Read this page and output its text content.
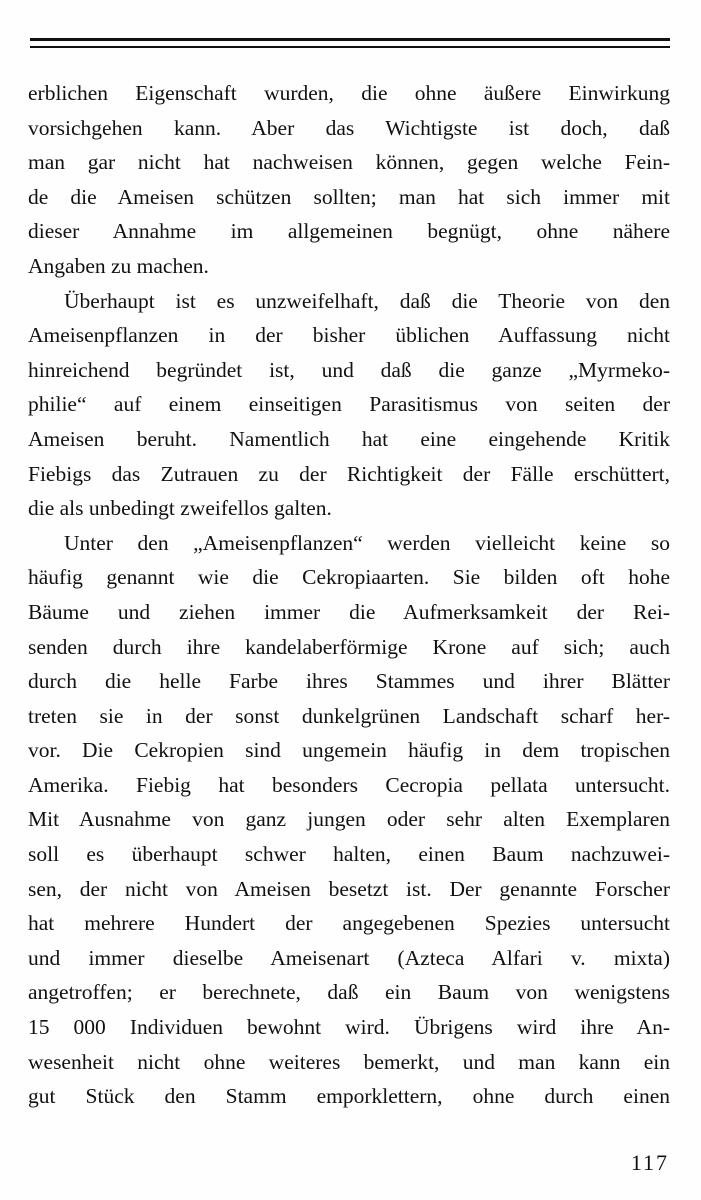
erblichen Eigenschaft wurden, die ohne äußere Einwirkung
vorsichgehen kann. Aber das Wichtigste ist doch, daß
man gar nicht hat nachweisen können, gegen welche Fein-
de die Ameisen schützen sollten; man hat sich immer mit
dieser Annahme im allgemeinen begnügt, ohne nähere
Angaben zu machen.
Überhaupt ist es unzweifelhaft, daß die Theorie von den
Ameisenpflanzen in der bisher üblichen Auffassung nicht
hinreichend begründet ist, und daß die ganze „Myrmeko-
philie“ auf einem einseitigen Parasitismus von seiten der
Ameisen beruht. Namentlich hat eine eingehende Kritik
Fiebigs das Zutrauen zu der Richtigkeit der Fälle erschüttert,
die als unbedingt zweifellos galten.
Unter den „Ameisenpflanzen“ werden vielleicht keine so
häufig genannt wie die Cekropiaarten. Sie bilden oft hohe
Bäume und ziehen immer die Aufmerksamkeit der Rei-
senden durch ihre kandelaberförmige Krone auf sich; auch
durch die helle Farbe ihres Stammes und ihrer Blätter
treten sie in der sonst dunkelgrünen Landschaft scharf her-
vor. Die Cekropien sind ungemein häufig in dem tropischen
Amerika. Fiebig hat besonders Cecropia pellata untersucht.
Mit Ausnahme von ganz jungen oder sehr alten Exemplaren
soll es überhaupt schwer halten, einen Baum nachzuwei-
sen, der nicht von Ameisen besetzt ist. Der genannte Forscher
hat mehrere Hundert der angegebenen Spezies untersucht
und immer dieselbe Ameisenart (Azteca Alfari v. mixta)
angetroffen; er berechnete, daß ein Baum von wenigstens
15 000 Individuen bewohnt wird. Übrigens wird ihre An-
wesenheit nicht ohne weiteres bemerkt, und man kann ein
gut Stück den Stamm emporklettern, ohne durch einen
117
